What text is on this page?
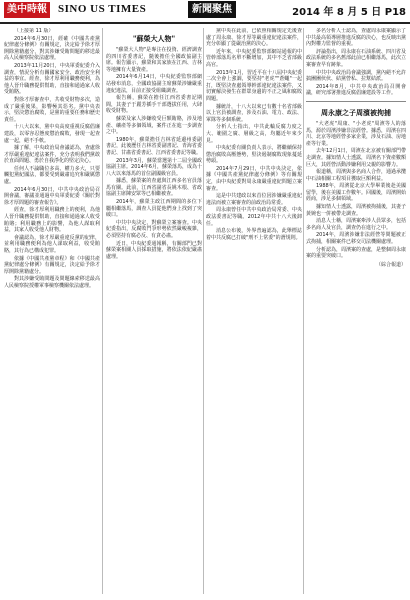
美中時報 SINO US TIMES	新聞聚焦	2014 年 8 月 5 日 P18

（上接第 11 版）

2014年6月30日，經確《中國共產黨紀律處分條例》有關規定，決定給予徐才厚開除黨籍處分，對其涉嫌受賄問題的移送最高人民檢察院依法處理。

2013年11月20日，中央軍委紀委介入調查，情況分析有關國家安全、政治安全利益的事宜。經查，徐才厚利用職務便利，為他人晉升職務提供幫助，直接和通過家人收受賄賂。

對徐才厚審查中，共收受財物多次，造成了嚴重後果，影響極其惡劣。黨中央表示，堅決懲治腐敗，是黨的重要任務和歷史責任。

十八大以來，黨中央高度重視反腐倡廉建設，以零容忍態度懲治腐敗，發現一起查處一起，絕不手軟。

據了解，中央政治局會議認為，查處徐才厚嚴重違紀違法案件，充分表明我們黨敢於直面問題、勇於自我淨化的堅定決心。

任何人不論職位多高、權力多大，只要觸犯黨紀國法，都要受到嚴肅追究和嚴厲懲處。

2014年6月30日，中共中央政治局召開會議，審議並通過中央軍委紀委《關於對徐才厚問題的審查報告》。

經查，徐才厚利用職務上的便利，為他人晉升職務提供幫助，直接和通過家人收受賄賂；利用職務上的影響，為他人謀取利益，其家人收受他人財物。

會議認為，徐才厚嚴重違反黨的紀律，並利用職務便利為他人謀取利益，收受賄賂，其行為已構成犯罪。

依據《中國共產黨章程》和《中國共產黨紀律處分條例》有關規定，決定給予徐才厚開除黨籍處分。

對其涉嫌受賄問題及問題線索移送最高人民檢察院授權軍事檢察機關依法處理。

"蘇榮大人物"

"蘇榮大人物"是專注在投資、經濟調查的四川省委書記，隨後擔任全國政協副主席。報告顯示，蘇榮和其家族在江西、吉林等地擁有大量資產。

2014年6月14日，中央紀委監察部網站發布消息，全國政協副主席蘇榮涉嫌嚴重違紀違法，目前正接受組織調查。

報告稱，蘇榮在擔任江西省委書記期間，其妻子于麗芳插手干部選拔任用，大肆收受財物。

蘇榮及家人涉嫌收受巨額賄賂，涉及地產、礦產等多個領域，案件正在進一步調查之中。

1980年，蘇榮擔任吉林省延邊州委副書記，此後歷任吉林省委副書記、青海省委書記、甘肅省委書記、江西省委書記等職。

2013年3月，蘇榮當選第十二屆全國政協副主席。2014年6月，蘇榮落馬，成為十八大以來落馬的首位副國級官員。

據悉，蘇榮案的查處與江西多名官員落馬有關。此前，江西省副省長姚木根、省政協副主席陳安眾等已相繼被查。

2014年，蘇榮主政江西期間的多位下屬相繼落馬，調查人員從他們身上找到了突破口。

中共中央決定，對蘇榮立案審查。中央紀委指出，反腐敗鬥爭形勢依然嚴峻複雜，必須堅持有腐必反、有貪必肅。

近日，中央紀委通報稱，有關部門已對蘇榮案相關人員採取措施，將依法依紀嚴肅處理。

黨中央在此前，已依照相關規定先後查處了周永康、徐才厚等嚴重違紀違法案件，充分彰顯了從嚴治黨的決心。

近年來，中央紀委監察部網站通報的中管幹部落馬名單不斷增加，其中不乏省部級高官。

2013年1月，習近平在十八屆中央紀委二次全會上強調，要堅持"老虎""蒼蠅"一起打，既堅決查處領導幹部違紀違法案件，又切實解決發生在群眾身邊的不正之風和腐敗問題。

據統計，十八大以來已有數十名省部級以上官員被調查，涉及石油、電力、政法、軍隊等多個系統。

分析人士指出，中共此輪反腐力度之大、範圍之廣、層級之高，均屬近年來少見。

中央紀委有關負責人表示，將繼續保持懲治腐敗高壓態勢，堅決遏制腐敗現象蔓延勢頭。

2014年7月29日，中共中央決定，依據《中國共產黨紀律處分條例》等有關規定，由中央紀委對周永康嚴重違紀問題立案審查。

這是中共建政以來首位因涉嫌嚴重違紀違法而被立案審查的前政治局常委。

周永康曾任中共中央政治局常委、中央政法委書記等職。2012年中共十八大後卸任。

消息公布後，外界普遍認為，此舉標誌着中共反腐已打破"刑不上常委"的潛規則。

多名分析人士認為，查處周永康案顯示了中共最高領導層推進反腐的決心，也反映出黨內對權力監督的重視。

評論指出，周永康在石油系統、四川省及政法系統的多名舊部此前已相繼落馬，此次立案審查早有跡象。

中共中央政治局會議強調，黨內絕不允許搞團團伙伙、結黨營私、拉幫結派。

2014年8月，中共中央政治局召開會議，研究部署推進反腐倡廉建設等工作。

周永康之子周濱被拘捕

"大老虎"周康、"小老虎"周濱等人的落馬，源於周濱涉嫌非法經營。據悉，周濱在四川、北京等地經營多家企業，涉及石油、房地產等行業。

去年12月1日，周濱在北京被有關部門帶走調查。據知情人士透露，周濱名下資產數額巨大，其經營活動涉嫌利用父親的影響力。

報道稱，周濱與多名商人合作，通過承攬中石油相關工程項目獲取巨額利益。

1988年，周濱從北京大學畢業後赴美國留學，後在美國工作數年。回國後，周濱開始經商，涉足多個領域。

據知情人士透露，周濱被拘捕後，其妻子黃婉也一併被帶走調查。

消息人士稱，周濱案牽涉人員眾多，包括多名商人及官員，調查仍在進行之中。

2014年，周濱涉嫌非法經營等問題被正式拘捕，相關案件已移交司法機關處理。

分析認為，周濱案的查處，是整個周永康案的重要突破口。

（綜合報道）
